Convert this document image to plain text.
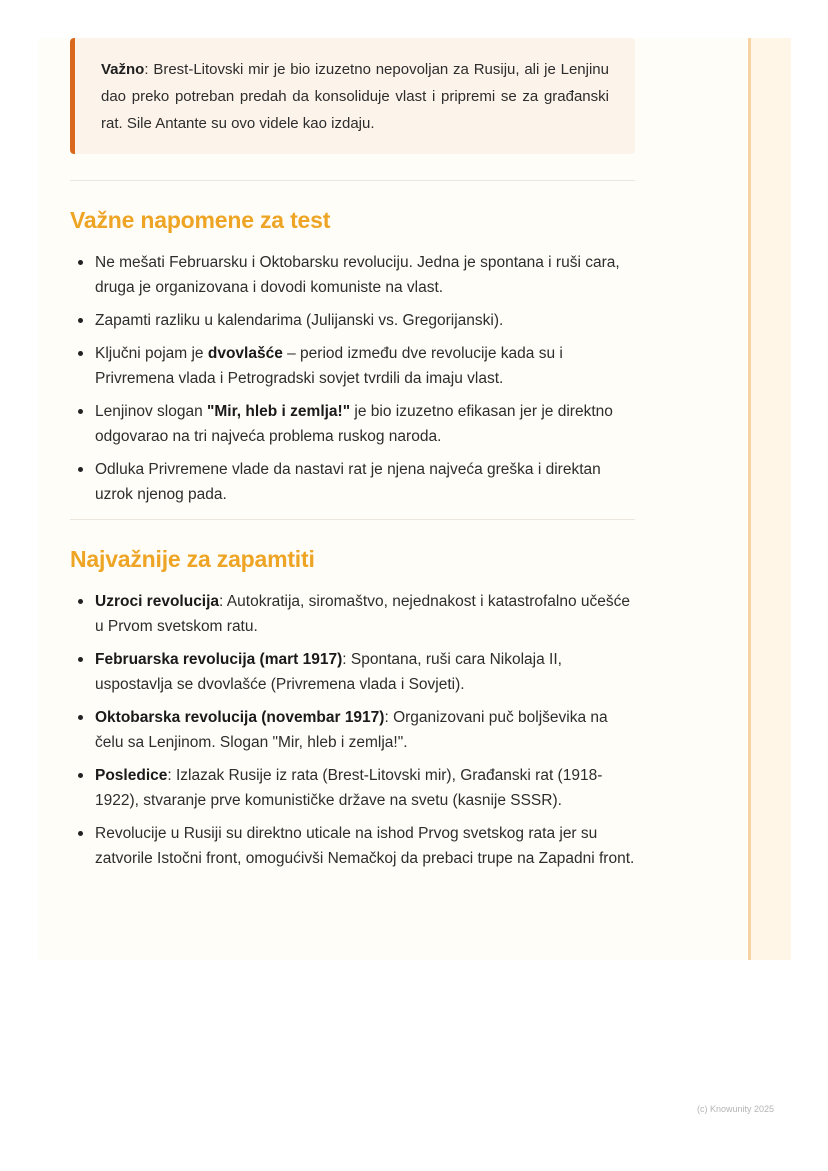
Važno: Brest-Litovski mir je bio izuzetno nepovoljan za Rusiju, ali je Lenjinu dao preko potreban predah da konsoliduje vlast i pripremi se za građanski rat. Sile Antante su ovo videle kao izdaju.
Važne napomene za test
Ne mešati Februarsku i Oktobarsku revoluciju. Jedna je spontana i ruši cara, druga je organizovana i dovodi komuniste na vlast.
Zapamti razliku u kalendarima (Julijanski vs. Gregorijanski).
Ključni pojam je dvovlašće – period između dve revolucije kada su i Privremena vlada i Petrogradski sovjet tvrdili da imaju vlast.
Lenjinov slogan "Mir, hleb i zemlja!" je bio izuzetno efikasan jer je direktno odgovarao na tri najveća problema ruskog naroda.
Odluka Privremene vlade da nastavi rat je njena najveća greška i direktan uzrok njenog pada.
Najvažnije za zapamtiti
Uzroci revolucija: Autokratija, siromaštvo, nejednakost i katastrofalno učešće u Prvom svetskom ratu.
Februarska revolucija (mart 1917): Spontana, ruši cara Nikolaja II, uspostavlja se dvovlašće (Privremena vlada i Sovjeti).
Oktobarska revolucija (novembar 1917): Organizovani puč boljševika na čelu sa Lenjinom. Slogan "Mir, hleb i zemlja!".
Posledice: Izlazak Rusije iz rata (Brest-Litovski mir), Građanski rat (1918-1922), stvaranje prve komunističke države na svetu (kasnije SSSR).
Revolucije u Rusiji su direktno uticale na ishod Prvog svetskog rata jer su zatvorile Istočni front, omogućivši Nemačkoj da prebaci trupe na Zapadni front.
(c) Knowunity 2025
